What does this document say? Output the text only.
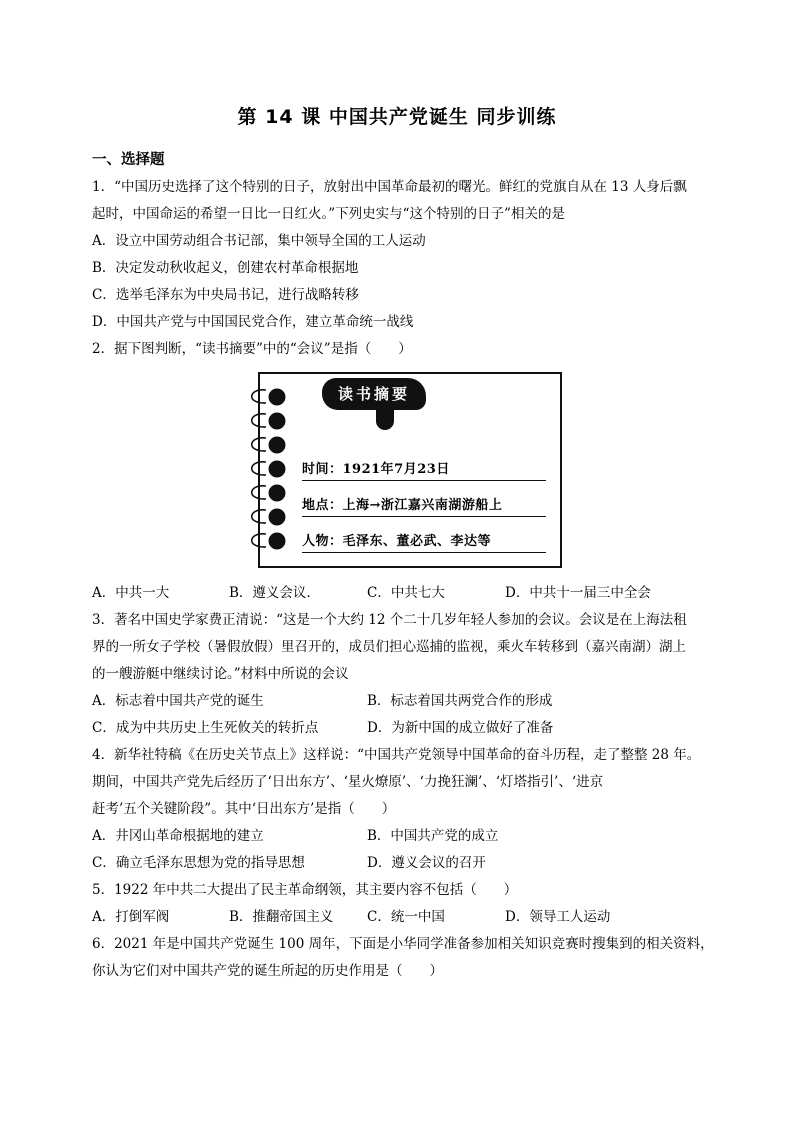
第 14 课 中国共产党诞生 同步训练
一、选择题
1．“中国历史选择了这个特别的日子，放射出中国革命最初的曙光。鲜红的党旗自从在 13 人身后飘
起时，中国命运的希望一日比一日红火。”下列史实与“这个特别的日子”相关的是
A．设立中国劳动组合书记部，集中领导全国的工人运动
B．决定发动秋收起义，创建农村革命根据地
C．选举毛泽东为中央局书记，进行战略转移
D．中国共产党与中国国民党合作，建立革命统一战线
2．据下图判断，“读书摘要”中的“会议”是指（　　）
读书摘要
时间：1921年7月23日
地点：上海→浙江嘉兴南湖游船上
人物：毛泽东、董必武、李达等
A．中共一大	B．遵义会议.	C．中共七大	D．中共十一届三中全会
3．著名中国史学家费正清说：“这是一个大约 12 个二十几岁年轻人参加的会议。会议是在上海法租
界的一所女子学校（暑假放假）里召开的，成员们担心巡捕的监视，乘火车转移到（嘉兴南湖）湖上
的一艘游艇中继续讨论。”材料中所说的会议
A．标志着中国共产党的诞生	B．标志着国共两党合作的形成
C．成为中共历史上生死攸关的转折点	D．为新中国的成立做好了准备
4．新华社特稿《在历史关节点上》这样说：“中国共产党领导中国革命的奋斗历程，走了整整 28 年。
期间，中国共产党先后经历了‘日出东方’、‘星火燎原’、‘力挽狂澜’、‘灯塔指引’、‘进京
赶考’五个关键阶段”。其中‘日出东方’是指（　　）
A．井冈山革命根据地的建立	B．中国共产党的成立
C．确立毛泽东思想为党的指导思想	D．遵义会议的召开
5．1922 年中共二大提出了民主革命纲领，其主要内容不包括（　　）
A．打倒军阀	B．推翻帝国主义 C．统一中国	D．领导工人运动
6．2021 年是中国共产党诞生 100 周年，下面是小华同学准备参加相关知识竞赛时搜集到的相关资料，
你认为它们对中国共产党的诞生所起的历史作用是（　　）
